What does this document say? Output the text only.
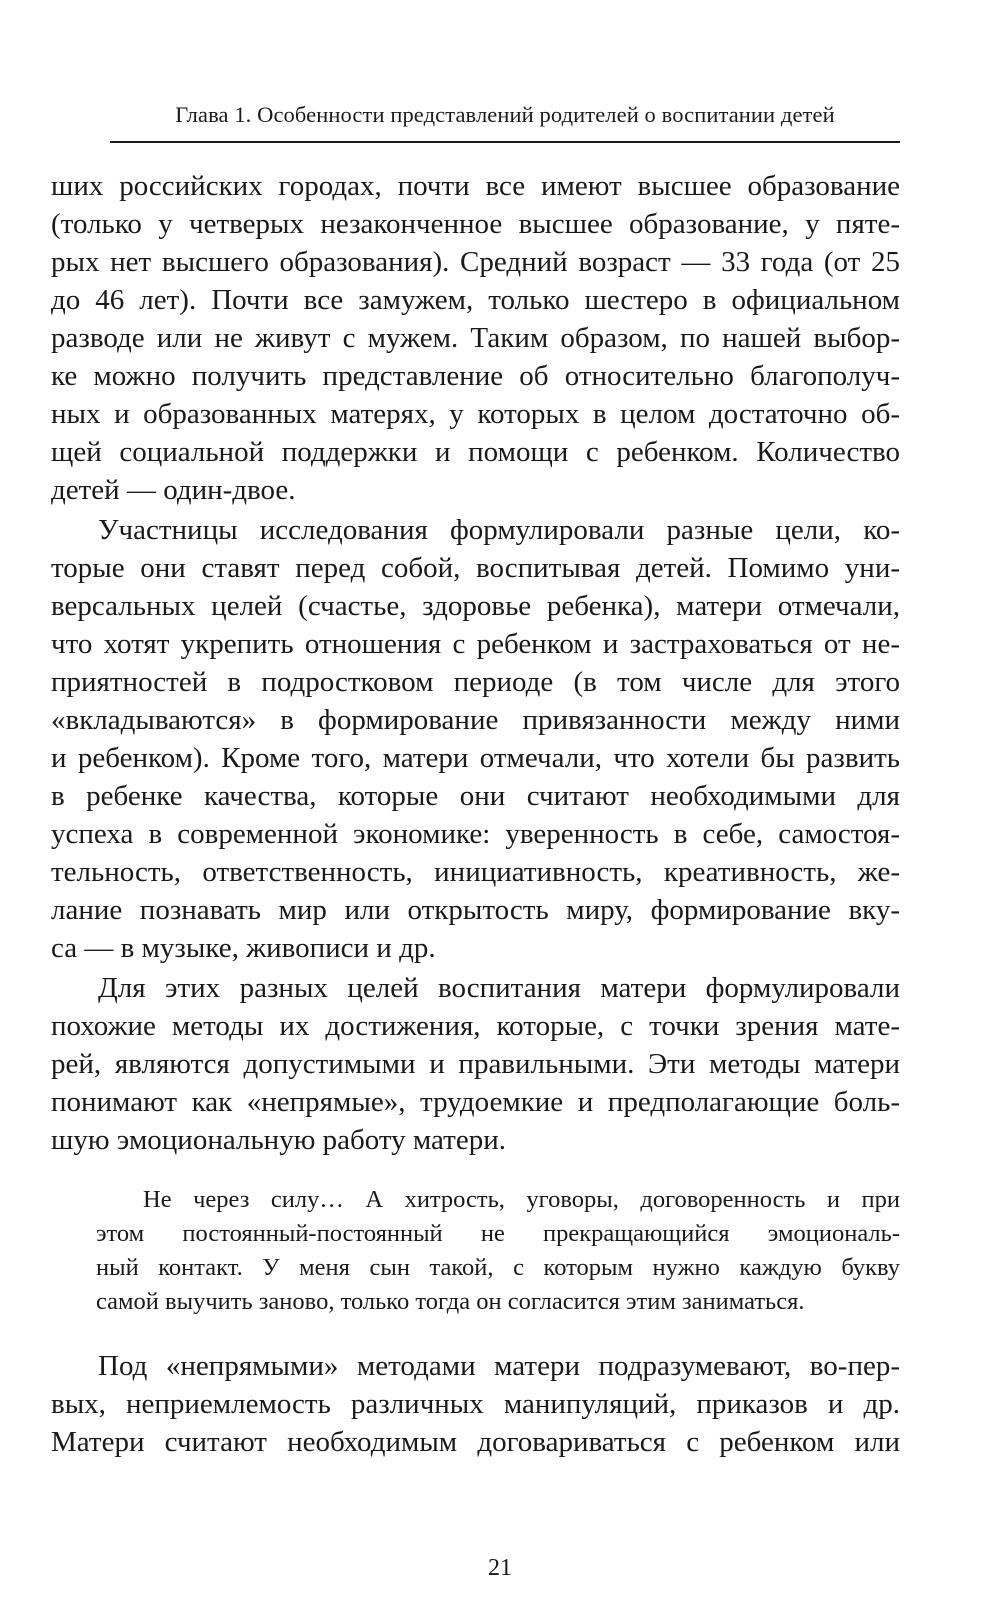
Глава 1. Особенности представлений родителей о воспитании детей
ших российских городах, почти все имеют высшее образование
(только у четверых незаконченное высшее образование, у пяте-
рых нет высшего образования). Средний возраст — 33 года (от 25
до 46 лет). Почти все замужем, только шестеро в официальном
разводе или не живут с мужем. Таким образом, по нашей выбор-
ке можно получить представление об относительно благополуч-
ных и образованных матерях, у которых в целом достаточно об-
щей социальной поддержки и помощи с ребенком. Количество
детей — один-двое.
Участницы исследования формулировали разные цели, ко-
торые они ставят перед собой, воспитывая детей. Помимо уни-
версальных целей (счастье, здоровье ребенка), матери отмечали,
что хотят укрепить отношения с ребенком и застраховаться от не-
приятностей в подростковом периоде (в том числе для этого
«вкладываются» в формирование привязанности между ними
и ребенком). Кроме того, матери отмечали, что хотели бы развить
в ребенке качества, которые они считают необходимыми для
успеха в современной экономике: уверенность в себе, самостоя-
тельность, ответственность, инициативность, креативность, же-
лание познавать мир или открытость миру, формирование вку-
са — в музыке, живописи и др.
Для этих разных целей воспитания матери формулировали
похожие методы их достижения, которые, с точки зрения мате-
рей, являются допустимыми и правильными. Эти методы матери
понимают как «непрямые», трудоемкие и предполагающие боль-
шую эмоциональную работу матери.
Не через силу… А хитрость, уговоры, договоренность и при
этом постоянный-постоянный не прекращающийся эмоциональ-
ный контакт. У меня сын такой, с которым нужно каждую букву
самой выучить заново, только тогда он согласится этим заниматься.
Под «непрямыми» методами матери подразумевают, во-пер-
вых, неприемлемость различных манипуляций, приказов и др.
Матери считают необходимым договариваться с ребенком или
21
